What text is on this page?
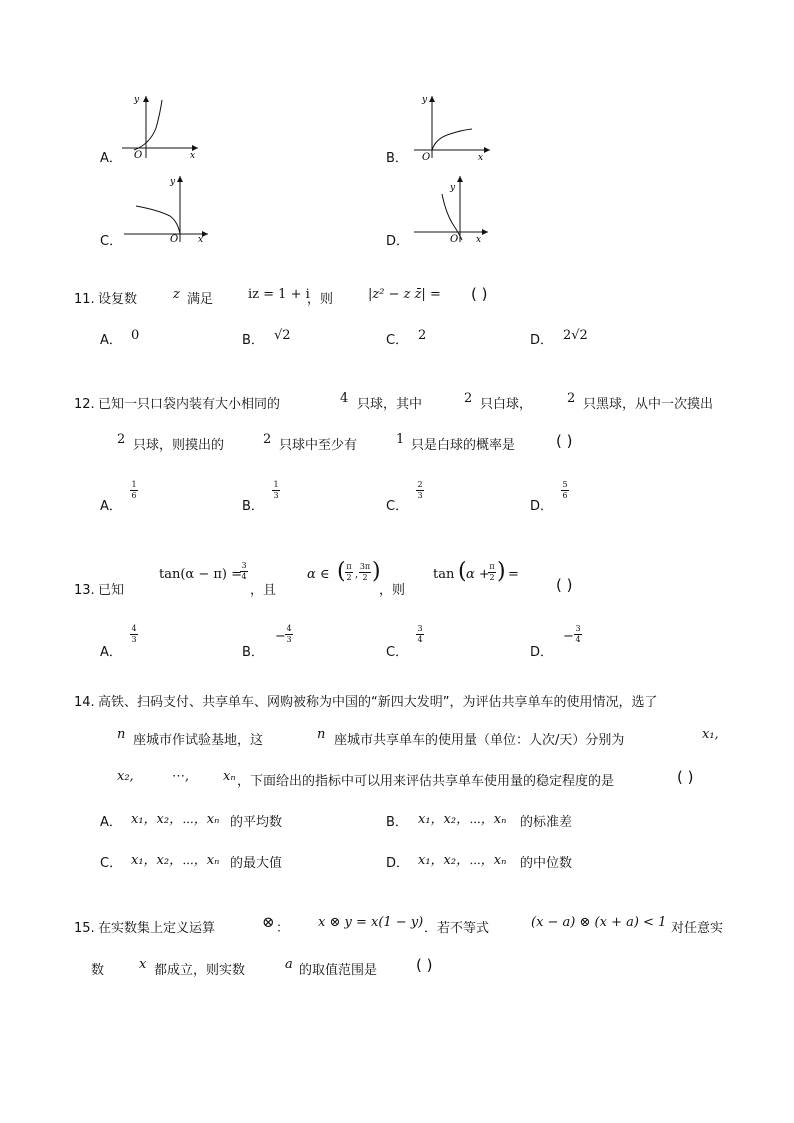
A．
y
O	x	B．
y
O	x
C．
y
O x	D．
y
O x
11. 设复数	z 满足	iz = 1 + i
，则	|z² − z z̄| = ( )
A． 0	B． √2	C． 2	D． 2√2
12. 已知一只口袋内装有大小相同的	4 只球，其中	2 只白球，	2 只黑球，从中一次摸出
2 只球，则摸出的	2 只球中至少有	1 只是白球的概率是	( )
A．
1
6
B．
1
3
C．
2
3
D．
5
6
13. 已知
tan(α − π) =
3
4
，且
α ∈ ( π
2 ,
3π
2 )
，则
tan ( α +
π
2 ) =
( )
A．
4
3
B．
−
4
3
C．
3
4
D．
−
3
4
14. 高铁、扫码支付、共享单车、网购被称为中国的“新四大发明”，为评估共享单车的使用情况，选了
n 座城市作试验基地，这	n 座城市共享单车的使用量（单位：人次/天）分别为	x₁,
x₂,	⋯,	xₙ ，下面给出的指标中可以用来评估共享单车使用量的稳定程度的是	( )
A． x₁，x₂，⋯，xₙ 的平均数	B． x₁，x₂，⋯，xₙ 的标准差
C． x₁，x₂，⋯，xₙ 的最大值	D． x₁，x₂，⋯，xₙ 的中位数
15. 在实数集上定义运算	⊗ ： x ⊗ y = x(1 − y) ．若不等式	(x − a) ⊗ (x + a) < 1 对任意实
数	x 都成立，则实数	a 的取值范围是	( )
